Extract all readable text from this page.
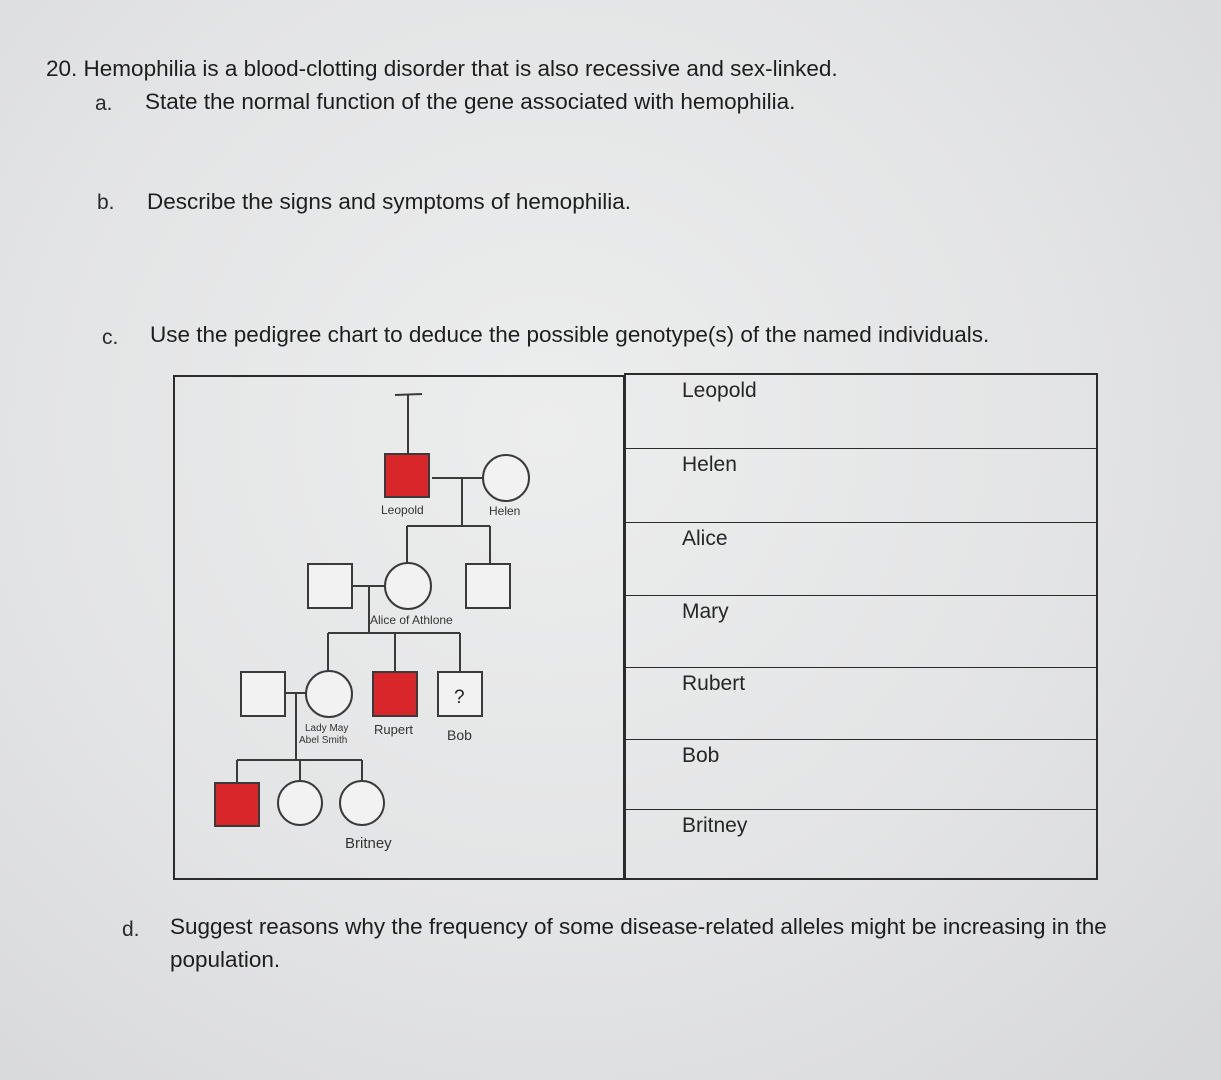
20. Hemophilia is a blood-clotting disorder that is also recessive and sex-linked.
a. State the normal function of the gene associated with hemophilia.
b. Describe the signs and symptoms of hemophilia.
c. Use the pedigree chart to deduce the possible genotype(s) of the named individuals.
Leopold	Helen
Alice of Athlone
Lady May
Abel Smith
Rupert Bob
?
Britney
Leopold
Helen
Alice
Mary
Rubert
Bob
Britney
d. Suggest reasons why the frequency of some disease-related alleles might be increasing in the
population.
